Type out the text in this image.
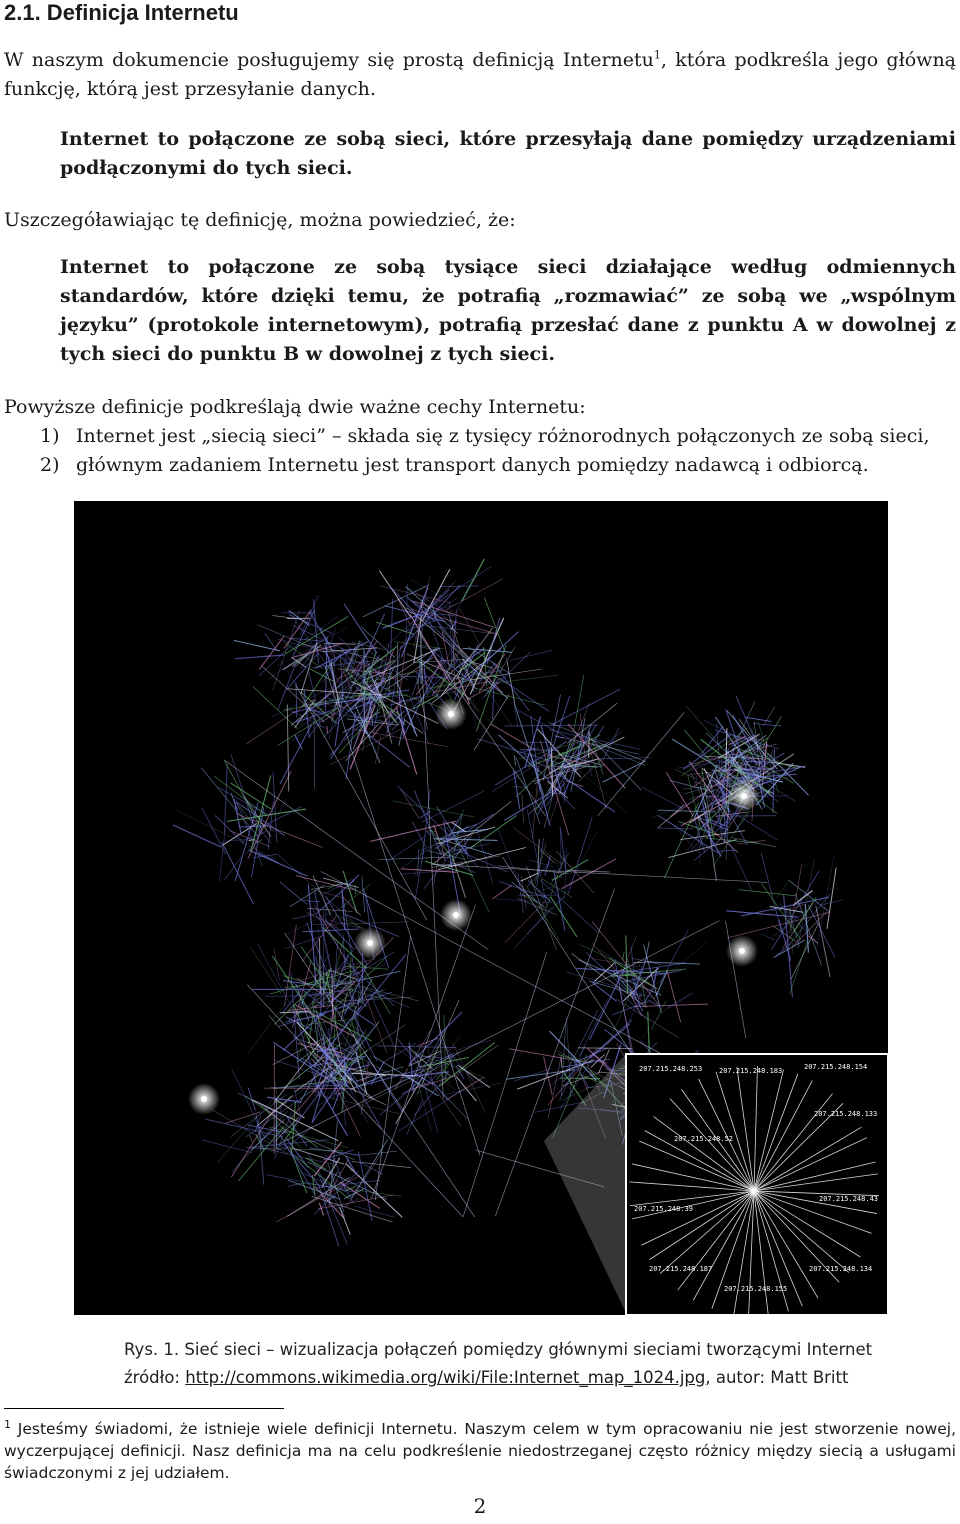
2.1. Definicja Internetu

W naszym dokumencie posługujemy się prostą definicją Internetu$^1$, która podkreśla jego główną funkcję, którą jest przesyłanie danych.

Internet to połączone ze sobą sieci, które przesyłają dane pomiędzy urządzeniami podłączonymi do tych sieci.

Uszczegóławiając tę definicję, można powiedzieć, że:

Internet to połączone ze sobą tysiące sieci działające według odmiennych standardów, które dzięki temu, że potrafią „rozmawiać” ze sobą we „wspólnym języku” (protokole internetowym), potrafią przesłać dane z punktu A w dowolnej z tych sieci do punktu B w dowolnej z tych sieci.

Powyższe definicje podkreślają dwie ważne cechy Internetu:

1) Internet jest „siecią sieci” – składa się z tysięcy różnorodnych połączonych ze sobą sieci,
2) głównym zadaniem Internetu jest transport danych pomiędzy nadawcą i odbiorcą.
207.215.248.253 207.215.248.183	207.215.248.154
207.215.248.52
207.215.248.133
207.215.248.39
207.215.248.43
207.215.248.187
207.215.248.155
207.215.248.134
Rys. 1. Sieć sieci – wizualizacja połączeń pomiędzy głównymi sieciami tworzącymi Internet
źródło: http://commons.wikimedia.org/wiki/File:Internet_map_1024.jpg, autor: Matt Britt

$^1$ Jesteśmy świadomi, że istnieje wiele definicji Internetu. Naszym celem w tym opracowaniu nie jest stworzenie nowej, wyczerpującej definicji. Nasz definicja ma na celu podkreślenie niedostrzeganej często różnicy między siecią a usługami świadczonymi z jej udziałem.

2
